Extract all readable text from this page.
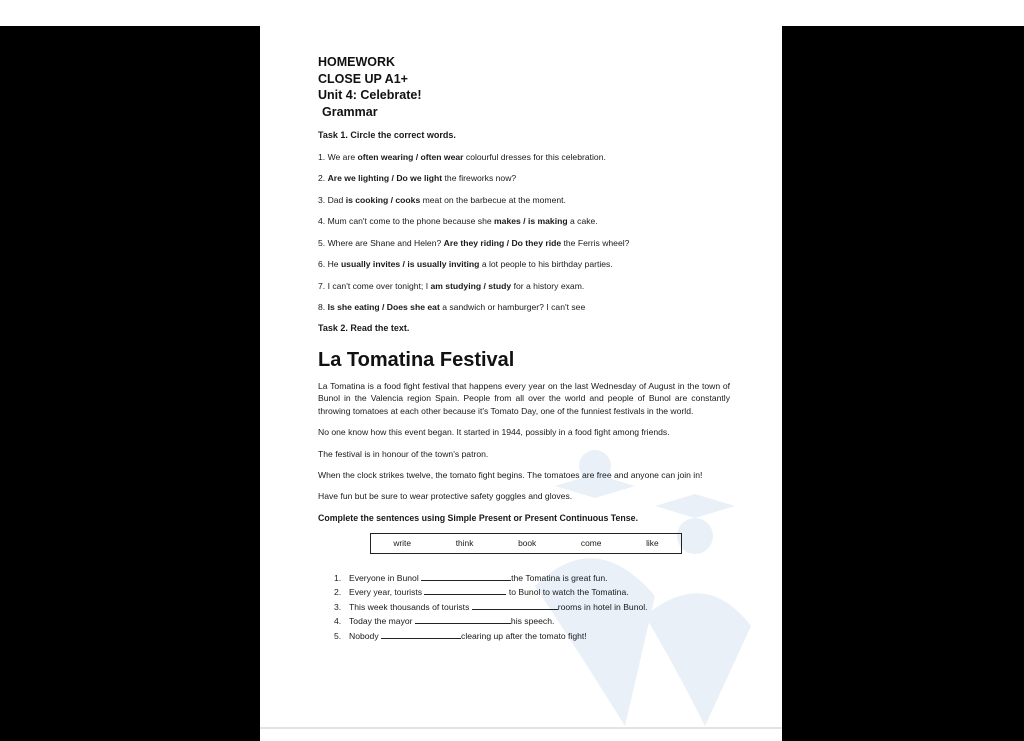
HOMEWORK
CLOSE UP A1+
Unit 4: Celebrate!
Grammar
Task 1. Circle the correct words.
1. We are often wearing / often wear colourful dresses for this celebration.
2. Are we lighting / Do we light the fireworks now?
3. Dad is cooking / cooks meat on the barbecue at the moment.
4. Mum can't come to the phone because she makes / is making a cake.
5. Where are Shane and Helen? Are they riding / Do they ride the Ferris wheel?
6. He usually invites / is usually inviting a lot people to his birthday parties.
7. I can't come over tonight; I am studying / study for a history exam.
8. Is she eating / Does she eat a sandwich or hamburger? I can't see
Task 2. Read the text.
La Tomatina Festival
La Tomatina is a food fight festival that happens every year on the last Wednesday of August in the town of Bunol in the Valencia region Spain. People from all over the world and people of Bunol are constantly throwing tomatoes at each other because it's Tomato Day, one of the funniest festivals in the world.
No one know how this event began. It started in 1944, possibly in a food fight among friends.
The festival is in honour of the town's patron.
When the clock strikes twelve, the tomato fight begins. The tomatoes are free and anyone can join in!
Have fun but be sure to wear protective safety goggles and gloves.
Complete the sentences using Simple Present or Present Continuous Tense.
write	think	book	come	like
1. Everyone in Bunol	the Tomatina is great fun.
2. Every year, tourists	to Bunol to watch the Tomatina.
3. This week thousands of tourists	rooms in hotel in Bunol.
4. Today the mayor	his speech.
5. Nobody	clearing up after the tomato fight!
